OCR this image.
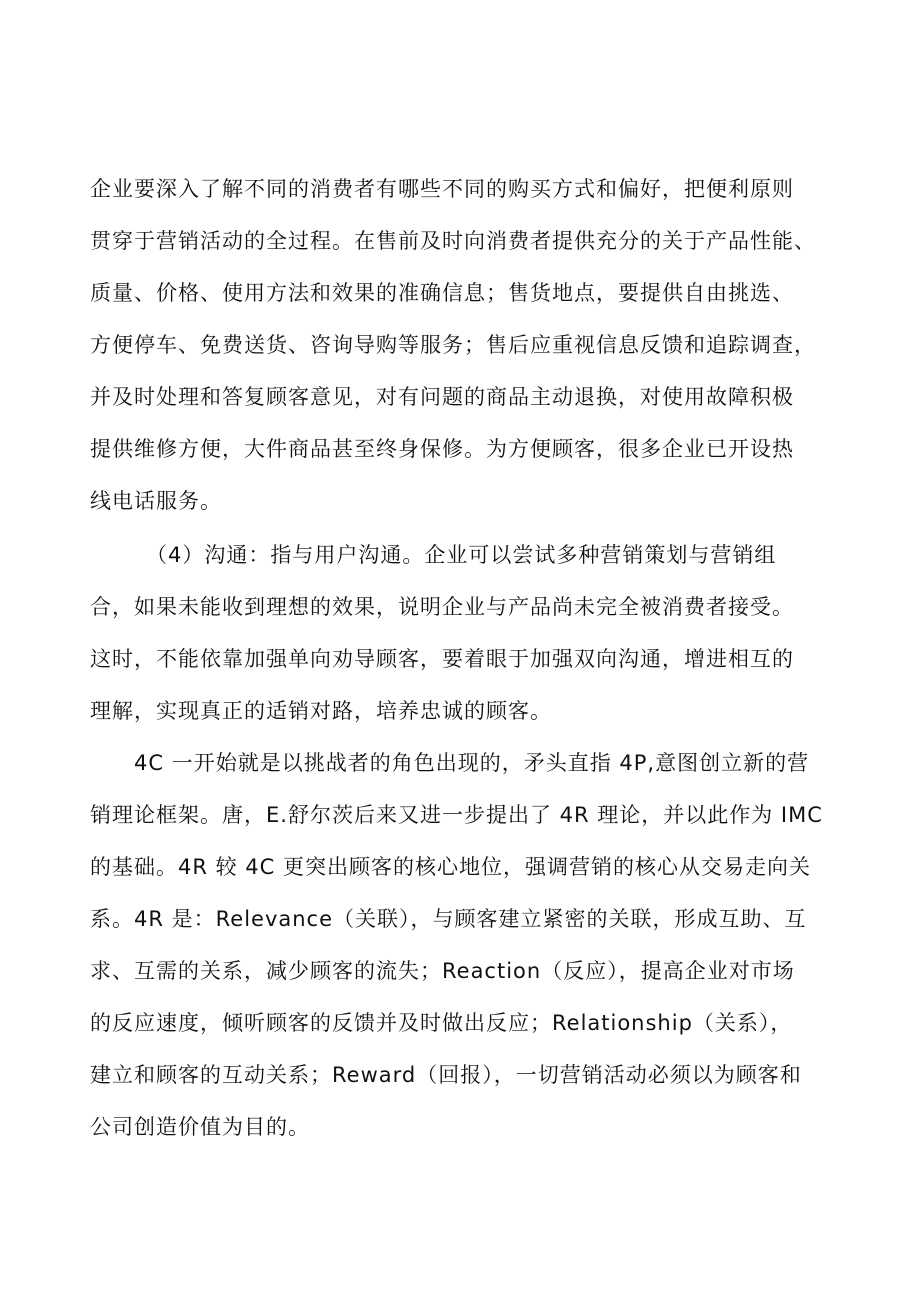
企业要深入了解不同的消费者有哪些不同的购买方式和偏好，把便利原则
贯穿于营销活动的全过程。在售前及时向消费者提供充分的关于产品性能、
质量、价格、使用方法和效果的准确信息；售货地点，要提供自由挑选、
方便停车、免费送货、咨询导购等服务；售后应重视信息反馈和追踪调查，
并及时处理和答复顾客意见，对有问题的商品主动退换，对使用故障积极
提供维修方便，大件商品甚至终身保修。为方便顾客，很多企业已开设热
线电话服务。
（4）沟通：指与用户沟通。企业可以尝试多种营销策划与营销组
合，如果未能收到理想的效果，说明企业与产品尚未完全被消费者接受。
这时，不能依靠加强单向劝导顾客，要着眼于加强双向沟通，增进相互的
理解，实现真正的适销对路，培养忠诚的顾客。
4C 一开始就是以挑战者的角色出现的，矛头直指 4P,意图创立新的营
销理论框架。唐，E.舒尔茨后来又进一步提出了 4R 理论，并以此作为 IMC
的基础。4R 较 4C 更突出顾客的核心地位，强调营销的核心从交易走向关
系。4R 是：Relevance（关联），与顾客建立紧密的关联，形成互助、互
求、互需的关系，减少顾客的流失；Reaction（反应），提高企业对市场
的反应速度，倾听顾客的反馈并及时做出反应；Relationship（关系），
建立和顾客的互动关系；Reward（回报），一切营销活动必须以为顾客和
公司创造价值为目的。
